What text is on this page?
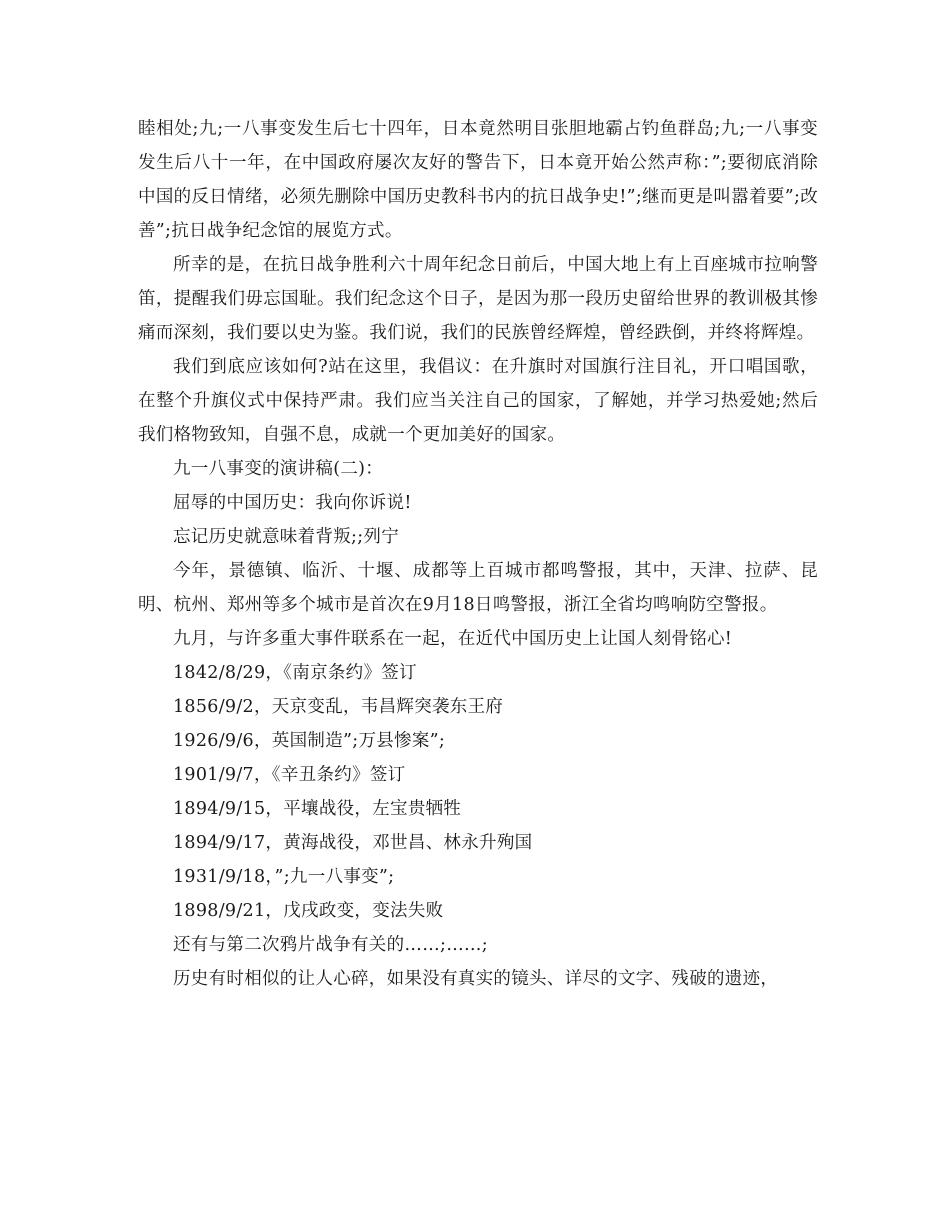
睦相处;九;一八事变发生后七十四年，日本竟然明目张胆地霸占钓鱼群岛;九;一八事变发生后八十一年，在中国政府屡次友好的警告下，日本竟开始公然声称：”;要彻底消除中国的反日情绪，必须先删除中国历史教科书内的抗日战争史!”;继而更是叫嚣着要”;改善”;抗日战争纪念馆的展览方式。

所幸的是，在抗日战争胜利六十周年纪念日前后，中国大地上有上百座城市拉响警笛，提醒我们毋忘国耻。我们纪念这个日子，是因为那一段历史留给世界的教训极其惨痛而深刻，我们要以史为鉴。我们说，我们的民族曾经辉煌，曾经跌倒，并终将辉煌。

我们到底应该如何?站在这里，我倡议：在升旗时对国旗行注目礼，开口唱国歌，在整个升旗仪式中保持严肃。我们应当关注自己的国家，了解她，并学习热爱她;然后我们格物致知，自强不息，成就一个更加美好的国家。

九一八事变的演讲稿(二)：

屈辱的中国历史：我向你诉说!

忘记历史就意味着背叛;;列宁

今年，景德镇、临沂、十堰、成都等上百城市都鸣警报，其中，天津、拉萨、昆明、杭州、郑州等多个城市是首次在9月18日鸣警报，浙江全省均鸣响防空警报。

九月，与许多重大事件联系在一起，在近代中国历史上让国人刻骨铭心!

1842/8/29，《南京条约》签订

1856/9/2，天京变乱，韦昌辉突袭东王府

1926/9/6，英国制造”;万县惨案”;

1901/9/7，《辛丑条约》签订

1894/9/15，平壤战役，左宝贵牺牲

1894/9/17，黄海战役，邓世昌、林永升殉国

1931/9/18，”;九一八事变”;

1898/9/21，戊戌政变，变法失败

还有与第二次鸦片战争有关的……;……;

历史有时相似的让人心碎，如果没有真实的镜头、详尽的文字、残破的遗迹，
